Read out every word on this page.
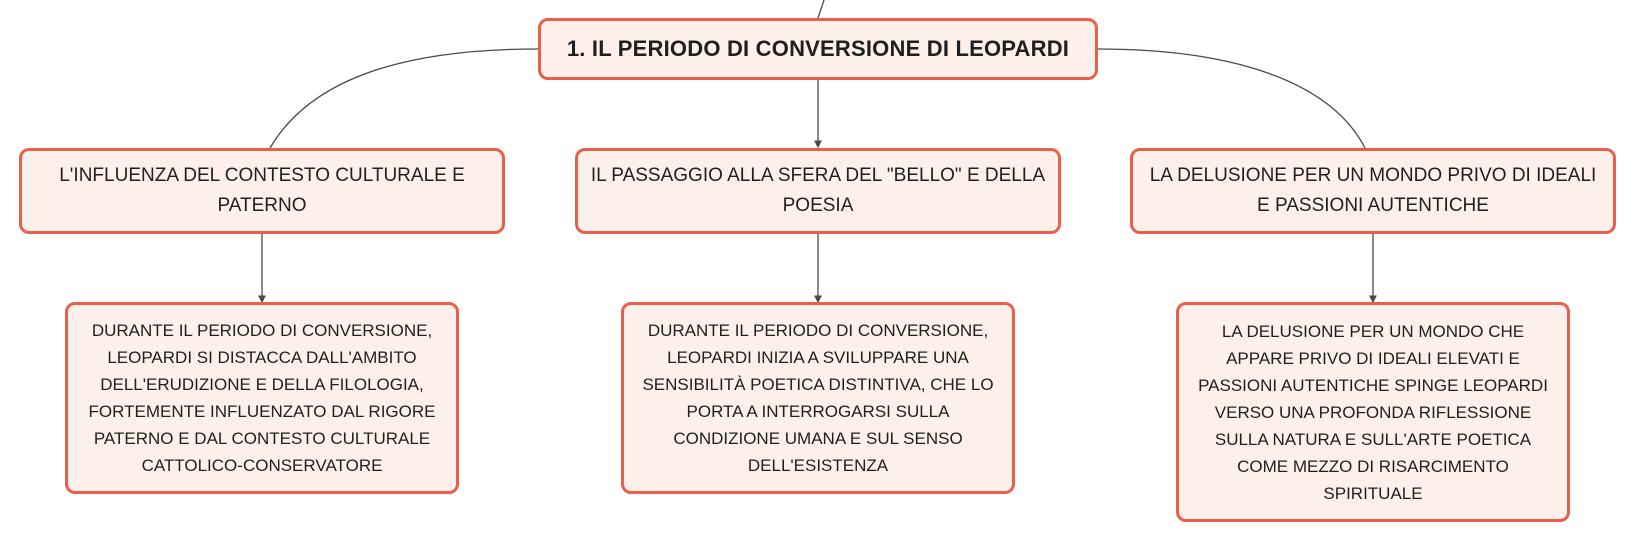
1. IL PERIODO DI CONVERSIONE DI LEOPARDI
L'INFLUENZA DEL CONTESTO CULTURALE E PATERNO
IL PASSAGGIO ALLA SFERA DEL "BELLO" E DELLA POESIA
LA DELUSIONE PER UN MONDO PRIVO DI IDEALI E PASSIONI AUTENTICHE
DURANTE IL PERIODO DI CONVERSIONE, LEOPARDI SI DISTACCA DALL'AMBITO DELL'ERUDIZIONE E DELLA FILOLOGIA, FORTEMENTE INFLUENZATO DAL RIGORE PATERNO E DAL CONTESTO CULTURALE CATTOLICO-CONSERVATORE
DURANTE IL PERIODO DI CONVERSIONE, LEOPARDI INIZIA A SVILUPPARE UNA SENSIBILITÀ POETICA DISTINTIVA, CHE LO PORTA A INTERROGARSI SULLA CONDIZIONE UMANA E SUL SENSO DELL'ESISTENZA
LA DELUSIONE PER UN MONDO CHE APPARE PRIVO DI IDEALI ELEVATI E PASSIONI AUTENTICHE SPINGE LEOPARDI VERSO UNA PROFONDA RIFLESSIONE SULLA NATURA E SULL'ARTE POETICA COME MEZZO DI RISARCIMENTO SPIRITUALE
